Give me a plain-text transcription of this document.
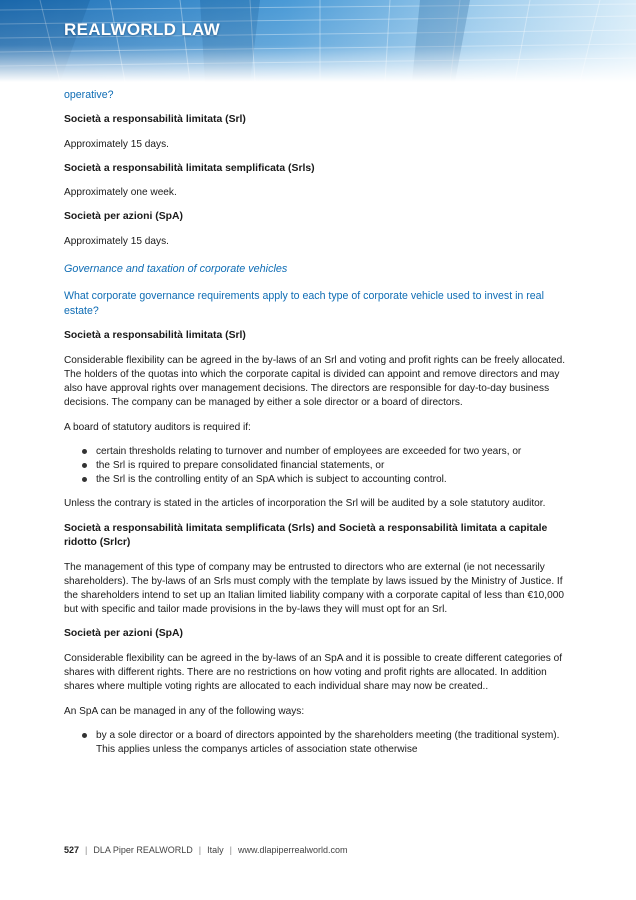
REALWORLD LAW

operative?

Società a responsabilità limitata (Srl)

Approximately 15 days.

Società a responsabilità limitata semplificata (Srls)

Approximately one week.

Società per azioni (SpA)

Approximately 15 days.

Governance and taxation of corporate vehicles

What corporate governance requirements apply to each type of corporate vehicle used to invest in real estate?

Società a responsabilità limitata (Srl)

Considerable flexibility can be agreed in the by-laws of an Srl and voting and profit rights can be freely allocated. The holders of the quotas into which the corporate capital is divided can appoint and remove directors and may also have approval rights over management decisions. The directors are responsible for day-to-day business decisions. The company can be managed by either a sole director or a board of directors.

A board of statutory auditors is required if:

certain thresholds relating to turnover and number of employees are exceeded for two years, or
the Srl is rquired to prepare consolidated financial statements, or
the Srl is the controlling entity of an SpA which is subject to accounting control.

Unless the contrary is stated in the articles of incorporation the Srl will be audited by a sole statutory auditor.

Società a responsabilità limitata semplificata (Srls) and Società a responsabilità limitata a capitale ridotto (Srlcr)

The management of this type of company may be entrusted to directors who are external (ie not necessarily shareholders). The by-laws of an Srls must comply with the template by laws issued by the Ministry of Justice. If the shareholders intend to set up an Italian limited liability company with a corporate capital of less than €10,000 but with specific and tailor made provisions in the by-laws they will must opt for an Srl.

Società per azioni (SpA)

Considerable flexibility can be agreed in the by-laws of an SpA and it is possible to create different categories of shares with different rights. There are no restrictions on how voting and profit rights are allocated. In addition shares where multiple voting rights are allocated to each individual share may now be created..

An SpA can be managed in any of the following ways:

by a sole director or a board of directors appointed by the shareholders meeting (the traditional system). This applies unless the companys articles of association state otherwise
527 | DLA Piper REALWORLD | Italy | www.dlapiperrealworld.com
